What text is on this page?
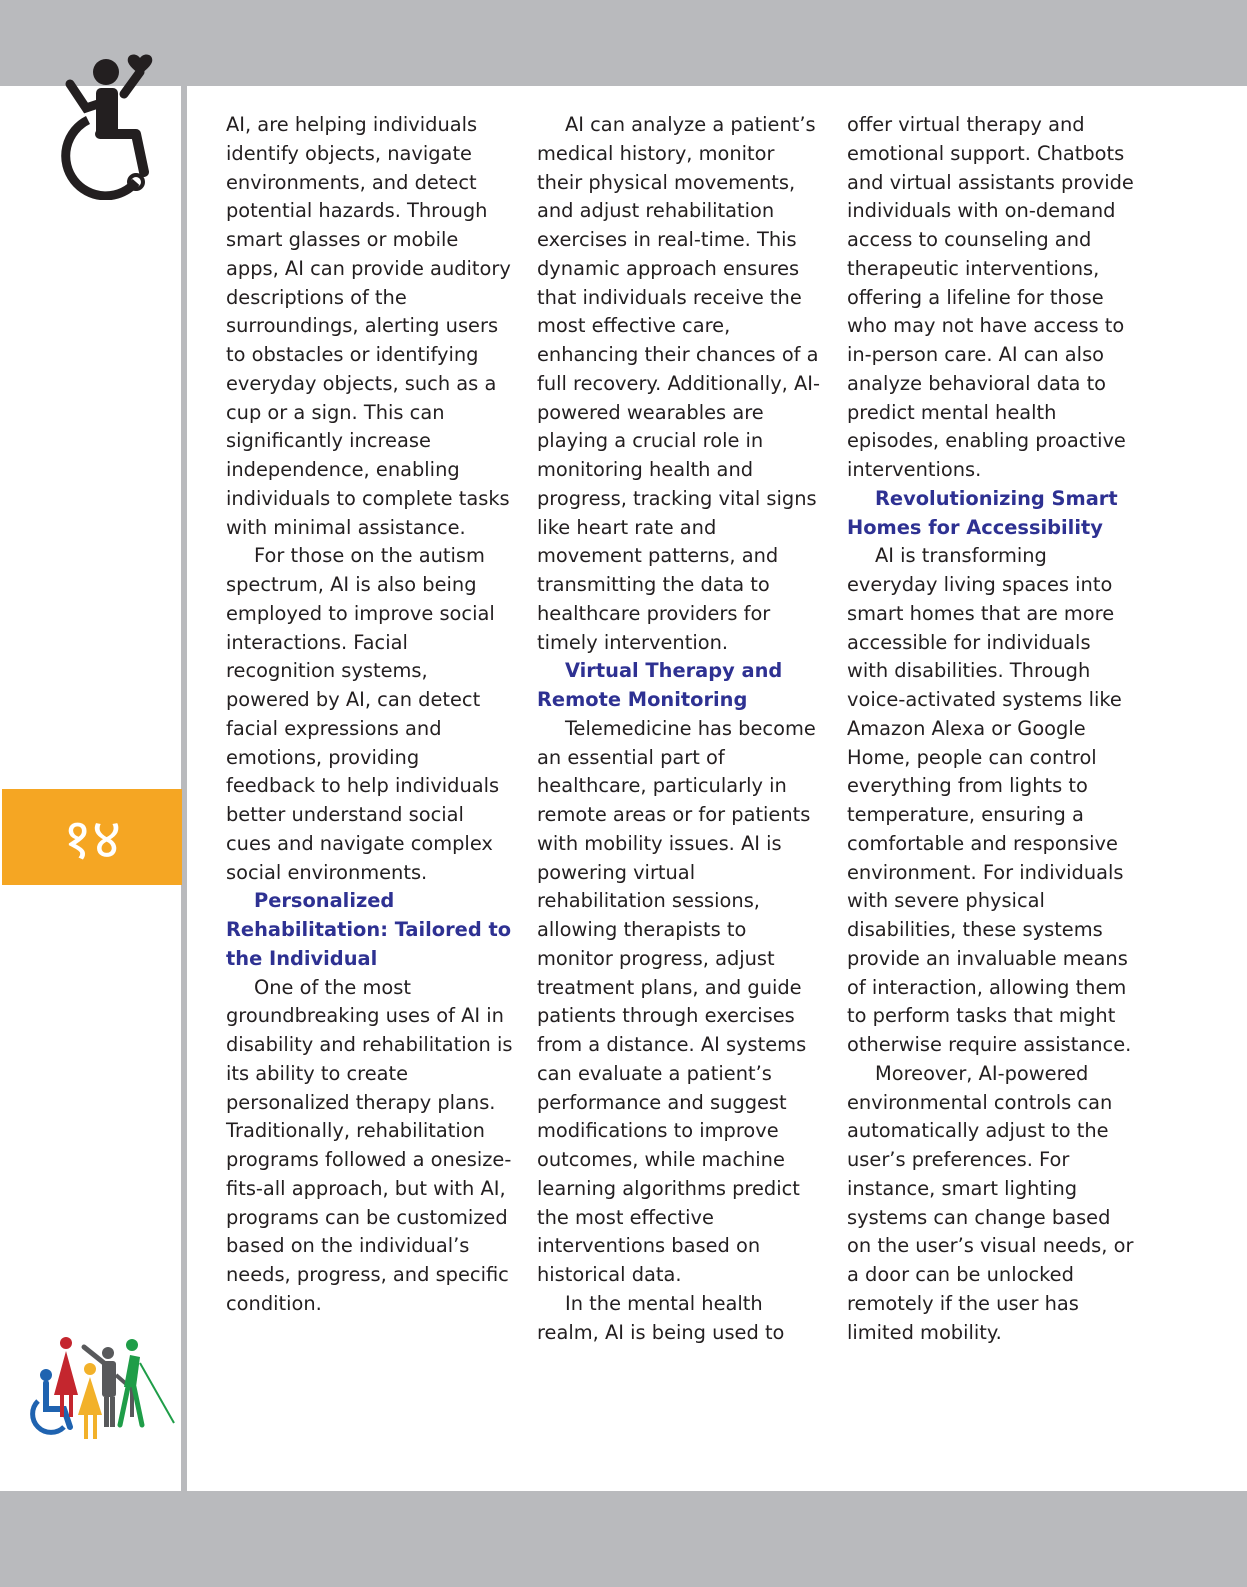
१४

AI, are helping individuals identify objects, navigate environments, and detect potential hazards. Through smart glasses or mobile apps, AI can provide auditory descriptions of the surroundings, alerting users to obstacles or identifying everyday objects, such as a cup or a sign. This can significantly increase independence, enabling individuals to complete tasks with minimal assistance.

For those on the autism spectrum, AI is also being employed to improve social interactions. Facial recognition systems, powered by AI, can detect facial expressions and emotions, providing feedback to help individuals better understand social cues and navigate complex social environments.

Personalized Rehabilitation: Tailored to the Individual

One of the most groundbreaking uses of AI in disability and rehabilitation is its ability to create personalized therapy plans. Traditionally, rehabilitation programs followed a onesize-fits-all approach, but with AI, programs can be customized based on the individual’s needs, progress, and specific condition.

AI can analyze a patient’s medical history, monitor their physical movements, and adjust rehabilitation exercises in real-time. This dynamic approach ensures that individuals receive the most effective care, enhancing their chances of a full recovery. Additionally, AI-powered wearables are playing a crucial role in monitoring health and progress, tracking vital signs like heart rate and movement patterns, and transmitting the data to healthcare providers for timely intervention.

Virtual Therapy and Remote Monitoring

Telemedicine has become an essential part of healthcare, particularly in remote areas or for patients with mobility issues. AI is powering virtual rehabilitation sessions, allowing therapists to monitor progress, adjust treatment plans, and guide patients through exercises from a distance. AI systems can evaluate a patient’s performance and suggest modifications to improve outcomes, while machine learning algorithms predict the most effective interventions based on historical data.

In the mental health realm, AI is being used to

offer virtual therapy and emotional support. Chatbots and virtual assistants provide individuals with on-demand access to counseling and therapeutic interventions, offering a lifeline for those who may not have access to in-person care. AI can also analyze behavioral data to predict mental health episodes, enabling proactive interventions.

Revolutionizing Smart Homes for Accessibility

AI is transforming everyday living spaces into smart homes that are more accessible for individuals with disabilities. Through voice-activated systems like Amazon Alexa or Google Home, people can control everything from lights to temperature, ensuring a comfortable and responsive environment. For individuals with severe physical disabilities, these systems provide an invaluable means of interaction, allowing them to perform tasks that might otherwise require assistance.

Moreover, AI-powered environmental controls can automatically adjust to the user’s preferences. For instance, smart lighting systems can change based on the user’s visual needs, or a door can be unlocked remotely if the user has limited mobility.
